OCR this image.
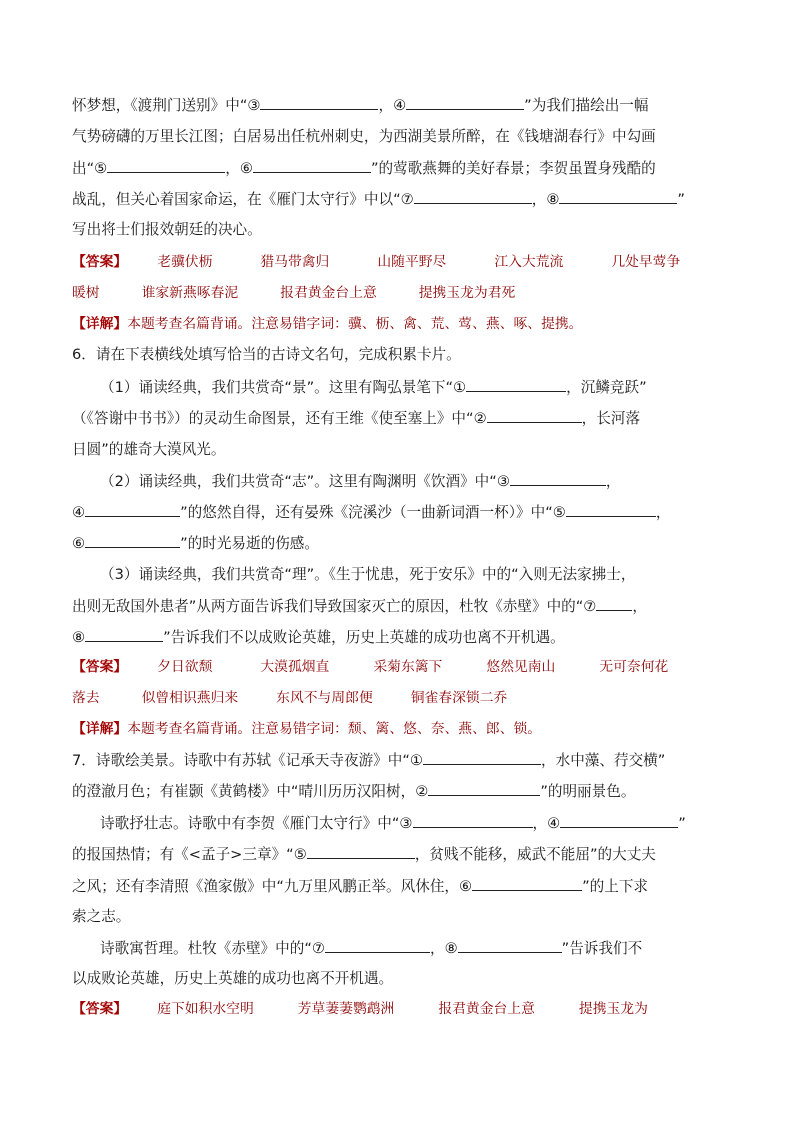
怀梦想，《渡荆门送别》中“③	，④	”为我们描绘出一幅
气势磅礴的万里长江图；白居易出任杭州刺史，为西湖美景所醉，在《钱塘湖春行》中勾画
出“⑤	，⑥	”的莺歌燕舞的美好春景；李贺虽置身残酷的
战乱，但关心着国家命运，在《雁门太守行》中以“⑦	，⑧	”
写出将士们报效朝廷的决心。
【答案】 老骥伏枥	猎马带禽归	山随平野尽	江入大荒流	几处早莺争
暖树	谁家新燕啄春泥	报君黄金台上意	提携玉龙为君死
【详解】本题考查名篇背诵。注意易错字词：骥、枥、禽、荒、莺、燕、啄、提携。
6．请在下表横线处填写恰当的古诗文名句，完成积累卡片。
（1）诵读经典，我们共赏奇“景”。这里有陶弘景笔下“①	，沉鳞竞跃”
（《答谢中书书》）的灵动生命图景，还有王维《使至塞上》中“②	，长河落
日圆”的雄奇大漠风光。
（2）诵读经典，我们共赏奇“志”。这里有陶渊明《饮酒》中“③	，
④	”的悠然自得，还有晏殊《浣溪沙（一曲新词酒一杯）》中“⑤	，
⑥	”的时光易逝的伤感。
（3）诵读经典，我们共赏奇“理”。《生于忧患，死于安乐》中的“入则无法家拂士，
出则无敌国外患者”从两方面告诉我们导致国家灭亡的原因，杜牧《赤壁》中的“⑦ ，
⑧	”告诉我们不以成败论英雄，历史上英雄的成功也离不开机遇。
【答案】 夕日欲颓	大漠孤烟直	采菊东篱下	悠然见南山	无可奈何花
落去	似曾相识燕归来	东风不与周郎便	铜雀春深锁二乔
【详解】本题考查名篇背诵。注意易错字词：颓、篱、悠、奈、燕、郎、锁。
7．诗歌绘美景。诗歌中有苏轼《记承天寺夜游》中“①	，水中藻、荇交横”
的澄澈月色；有崔颢《黄鹤楼》中“晴川历历汉阳树，②	”的明丽景色。
诗歌抒壮志。诗歌中有李贺《雁门太守行》中“③	，④	”
的报国热情；有《<孟子>三章》“⑤	，贫贱不能移，威武不能屈”的大丈夫
之风；还有李清照《渔家傲》中“九万里风鹏正举。风休住，⑥	”的上下求
索之志。
诗歌寓哲理。杜牧《赤壁》中的“⑦	，⑧	”告诉我们不
以成败论英雄，历史上英雄的成功也离不开机遇。
【答案】 庭下如积水空明	芳草萋萋鹦鹉洲	报君黄金台上意	提携玉龙为
